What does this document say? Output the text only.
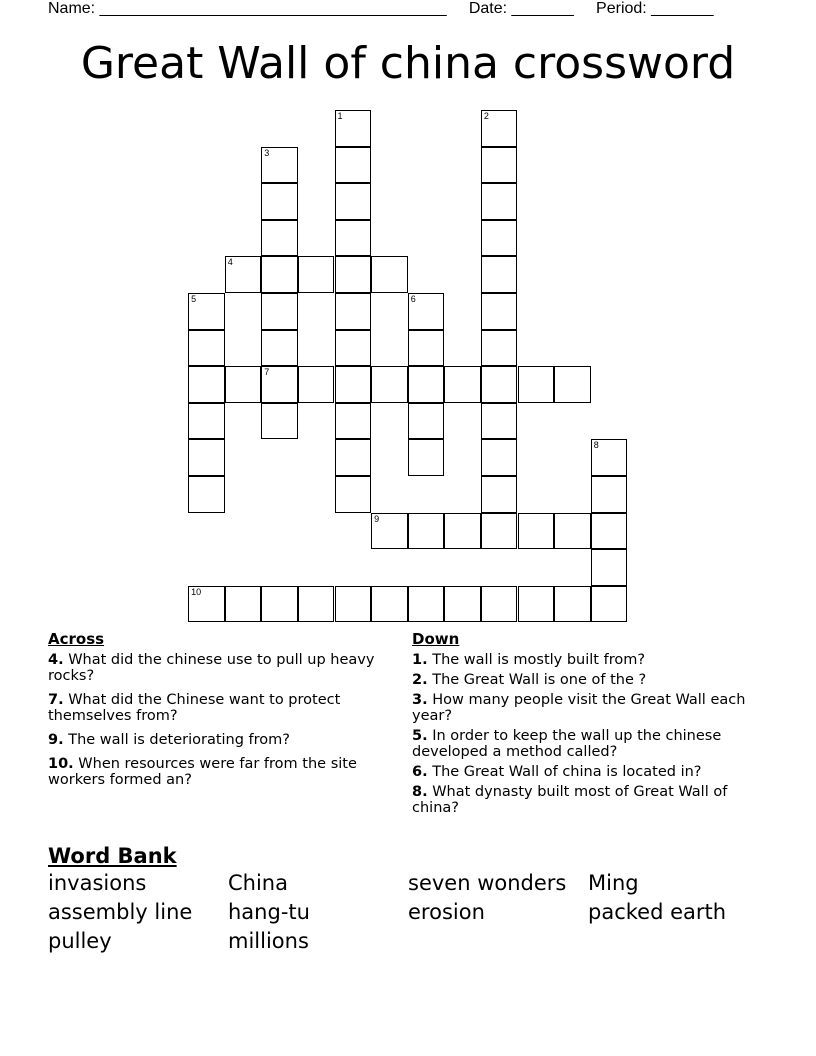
Name: _______________________________________     Date: _______     Period: _______
Great Wall of china crossword
1	2
3
4
5	6
7
8
9
10
Across
4. What did the chinese use to pull up heavy rocks?
7. What did the Chinese want to protect themselves from?
9. The wall is deteriorating from?
10. When resources were far from the site workers formed an?
Down
1. The wall is mostly built from?
2. The Great Wall is one of the ?
3. How many people visit the Great Wall each year?
5. In order to keep the wall up the chinese developed a method called?
6. The Great Wall of china is located in?
8. What dynasty built most of Great Wall of china?
Word Bank
invasions	China	seven wonders	Ming
assembly line	hang-tu	erosion	packed earth
pulley	millions
